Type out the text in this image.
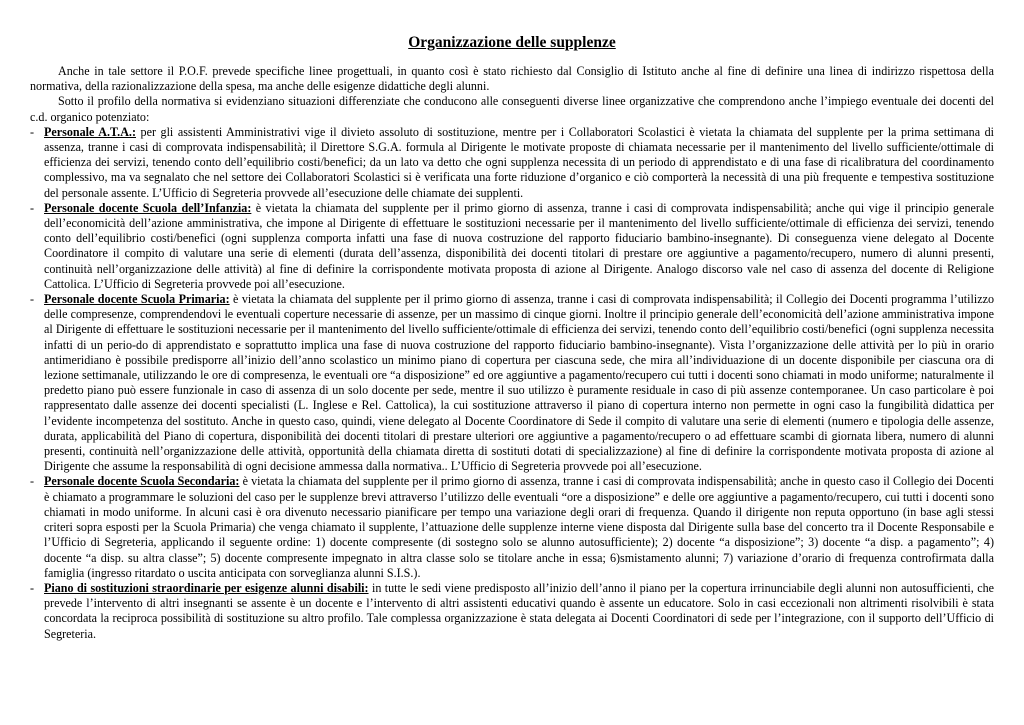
Organizzazione delle supplenze

Anche in tale settore il P.O.F. prevede specifiche linee progettuali, in quanto così è stato richiesto dal Consiglio di Istituto anche al fine di definire una linea di indirizzo rispettosa della normativa, della razionalizzazione della spesa, ma anche delle esigenze didattiche degli alunni.

Sotto il profilo della normativa si evidenziano situazioni differenziate che conducono alle conseguenti diverse linee organizzative che comprendono anche l’impiego eventuale dei docenti del c.d. organico potenziato:

- Personale A.T.A.: per gli assistenti Amministrativi vige il divieto assoluto di sostituzione, mentre per i Collaboratori Scolastici è vietata la chiamata del supplente per la prima settimana di assenza, tranne i casi di comprovata indispensabilità; il Direttore S.G.A. formula al Dirigente le motivate proposte di chiamata necessarie per il mantenimento del livello sufficiente/ottimale di efficienza dei servizi, tenendo conto dell’equilibrio costi/benefici; da un lato va detto che ogni supplenza necessita di un periodo di apprendistato e di una fase di ricalibratura del coordinamento complessivo, ma va segnalato che nel settore dei Collaboratori Scolastici si è verificata una forte riduzione d’organico e ciò comporterà la necessità di una più frequente e tempestiva sostituzione del personale assente. L’Ufficio di Segreteria provvede all’esecuzione delle chiamate dei supplenti.
- Personale docente Scuola dell’Infanzia: è vietata la chiamata del supplente per il primo giorno di assenza, tranne i casi di comprovata indispensabilità; anche qui vige il principio generale dell’economicità dell’azione amministrativa, che impone al Dirigente di effettuare le sostituzioni necessarie per il mantenimento del livello sufficiente/ottimale di efficienza dei servizi, tenendo conto dell’equilibrio costi/benefici (ogni supplenza comporta infatti una fase di nuova costruzione del rapporto fiduciario bambino-insegnante). Di conseguenza viene delegato al Docente Coordinatore il compito di valutare una serie di elementi (durata dell’assenza, disponibilità dei docenti titolari di prestare ore aggiuntive a pagamento/recupero, numero di alunni presenti, continuità nell’organizzazione delle attività) al fine di definire la corrispondente motivata proposta di azione al Dirigente. Analogo discorso vale nel caso di assenza del docente di Religione Cattolica. L’Ufficio di Segreteria provvede poi all’esecuzione.
- Personale docente Scuola Primaria: è vietata la chiamata del supplente per il primo giorno di assenza, tranne i casi di comprovata indispensabilità; il Collegio dei Docenti programma l’utilizzo delle compresenze, comprendendovi le eventuali coperture necessarie di assenze, per un massimo di cinque giorni. Inoltre il principio generale dell’economicità dell’azione amministrativa impone al Dirigente di effettuare le sostituzioni necessarie per il mantenimento del livello sufficiente/ottimale di efficienza dei servizi, tenendo conto dell’equilibrio costi/benefici (ogni supplenza necessita infatti di un perio-do di apprendistato e soprattutto implica una fase di nuova costruzione del rapporto fiduciario bambino-insegnante). Vista l’organizzazione delle attività per lo più in orario antimeridiano è possibile predisporre all’inizio dell’anno scolastico un minimo piano di copertura per ciascuna sede, che mira all’individuazione di un docente disponibile per ciascuna ora di lezione settimanale, utilizzando le ore di compresenza, le eventuali ore “a disposizione” ed ore aggiuntive a pagamento/recupero cui tutti i docenti sono chiamati in modo uniforme; naturalmente il predetto piano può essere funzionale in caso di assenza di un solo docente per sede, mentre il suo utilizzo è puramente residuale in caso di più assenze contemporanee. Un caso particolare è poi rappresentato dalle assenze dei docenti specialisti (L. Inglese e Rel. Cattolica), la cui sostituzione attraverso il piano di copertura interno non permette in ogni caso la fungibilità didattica per l’evidente incompetenza del sostituto. Anche in questo caso, quindi, viene delegato al Docente Coordinatore di Sede il compito di valutare una serie di elementi (numero e tipologia delle assenze, durata, applicabilità del Piano di copertura, disponibilità dei docenti titolari di prestare ulteriori ore aggiuntive a pagamento/recupero o ad effettuare scambi di giornata libera, numero di alunni presenti, continuità nell’organizzazione delle attività, opportunità della chiamata diretta di sostituti dotati di specializzazione) al fine di definire la corrispondente motivata proposta di azione al Dirigente che assume la responsabilità di ogni decisione ammessa dalla normativa.. L’Ufficio di Segreteria provvede poi all’esecuzione.
- Personale docente Scuola Secondaria: è vietata la chiamata del supplente per il primo giorno di assenza, tranne i casi di comprovata indispensabilità; anche in questo caso il Collegio dei Docenti è chiamato a programmare le soluzioni del caso per le supplenze brevi attraverso l’utilizzo delle eventuali “ore a disposizione” e delle ore aggiuntive a pagamento/recupero, cui tutti i docenti sono chiamati in modo uniforme. In alcuni casi è ora divenuto necessario pianificare per tempo una variazione degli orari di frequenza. Quando il dirigente non reputa opportuno (in base agli stessi criteri sopra esposti per la Scuola Primaria) che venga chiamato il supplente, l’attuazione delle supplenze interne viene disposta dal Dirigente sulla base del concerto tra il Docente Responsabile e l’Ufficio di Segreteria, applicando il seguente ordine: 1) docente compresente (di sostegno solo se alunno autosufficiente); 2) docente “a disposizione”; 3) docente “a disp. a pagamento”; 4) docente “a disp. su altra classe”; 5) docente compresente impegnato in altra classe solo se titolare anche in essa; 6)smistamento alunni; 7) variazione d’orario di frequenza controfirmata dalla famiglia (ingresso ritardato o uscita anticipata con sorveglianza alunni S.I.S.).
- Piano di sostituzioni straordinarie per esigenze alunni disabili: in tutte le sedi viene predisposto all’inizio dell’anno il piano per la copertura irrinunciabile degli alunni non autosufficienti, che prevede l’intervento di altri insegnanti se assente è un docente e l’intervento di altri assistenti educativi quando è assente un educatore. Solo in casi eccezionali non altrimenti risolvibili è stata concordata la reciproca possibilità di sostituzione su altro profilo. Tale complessa organizzazione è stata delegata ai Docenti Coordinatori di sede per l’integrazione, con il supporto dell’Ufficio di Segreteria.
